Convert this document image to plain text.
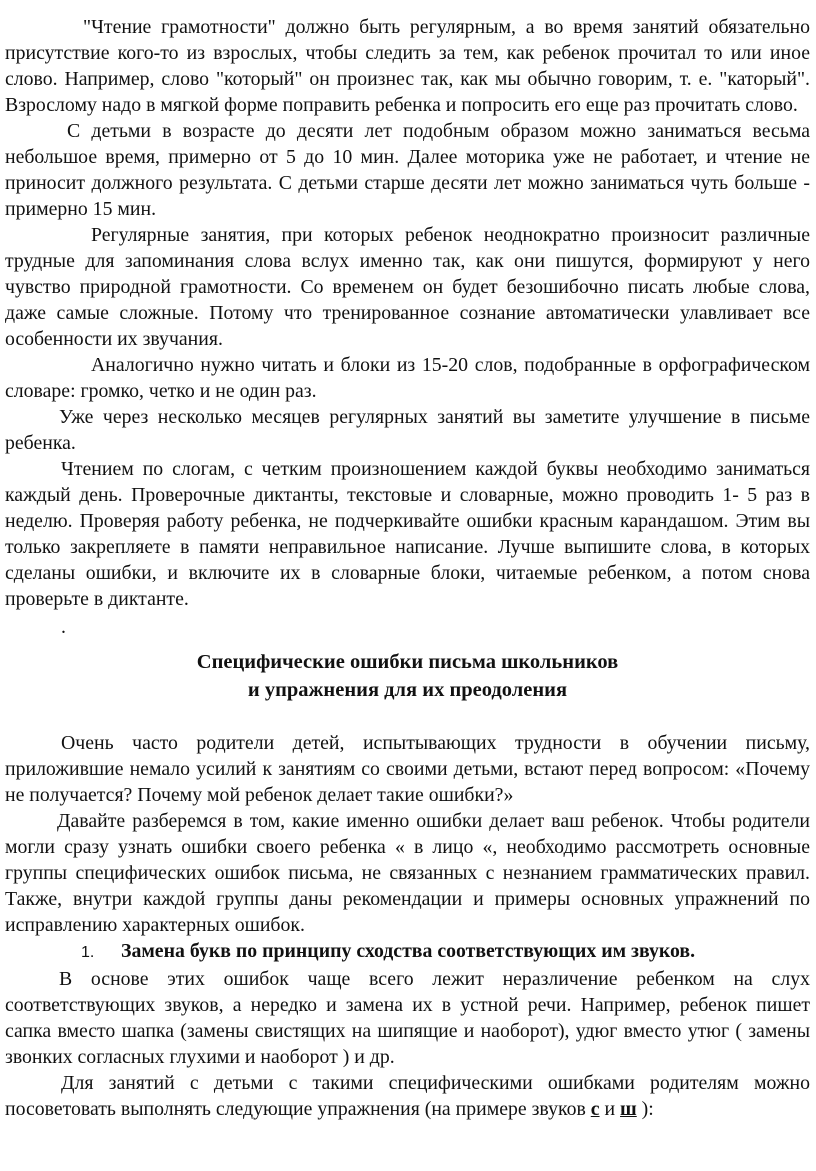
"Чтение грамотности" должно быть регулярным, а во время занятий обязательно присутствие кого-то из взрослых, чтобы следить за тем, как ребенок прочитал то или иное слово. Например, слово "который" он произнес так, как мы обычно говорим, т. е. "каторый". Взрослому надо в мягкой форме поправить ребенка и попросить его еще раз прочитать слово.

С детьми в возрасте до десяти лет подобным образом можно заниматься весьма небольшое время, примерно от 5 до 10 мин. Далее моторика уже не работает, и чтение не приносит должного результата. С детьми старше десяти лет можно заниматься чуть больше - примерно 15 мин.

Регулярные занятия, при которых ребенок неоднократно произносит различные трудные для запоминания слова вслух именно так, как они пишутся, формируют у него чувство природной грамотности. Со временем он будет безошибочно писать любые слова, даже самые сложные. Потому что тренированное сознание автоматически улавливает все особенности их звучания.

Аналогично нужно читать и блоки из 15-20 слов, подобранные в орфографическом словаре: громко, четко и не один раз.

Уже через несколько месяцев регулярных занятий вы заметите улучшение в письме ребенка.

Чтением по слогам, с четким произношением каждой буквы необходимо заниматься каждый день. Проверочные диктанты, текстовые и словарные, можно проводить 1- 5 раз в неделю. Проверяя работу ребенка, не подчеркивайте ошибки красным карандашом. Этим вы только закрепляете в памяти неправильное написание. Лучше выпишите слова, в которых сделаны ошибки, и включите их в словарные блоки, читаемые ребенком, а потом снова проверьте в диктанте.

.

Специфические ошибки письма школьников
и упражнения для их преодоления

Очень часто родители детей, испытывающих трудности в обучении письму, приложившие немало усилий к занятиям со своими детьми, встают перед вопросом: «Почему не получается? Почему мой ребенок делает такие ошибки?»

Давайте разберемся в том, какие именно ошибки делает ваш ребенок. Чтобы родители могли сразу узнать ошибки своего ребенка « в лицо «, необходимо рассмотреть основные группы специфических ошибок письма, не связанных с незнанием грамматических правил. Также, внутри каждой группы даны рекомендации и примеры основных упражнений по исправлению характерных ошибок.

1. Замена букв по принципу сходства соответствующих им звуков.

В основе этих ошибок чаще всего лежит неразличение ребенком на слух соответствующих звуков, а нередко и замена их в устной речи. Например, ребенок пишет сапка вместо шапка (замены свистящих на шипящие и наоборот), удюг вместо утюг ( замены звонких согласных глухими и наоборот ) и др.

Для занятий с детьми с такими специфическими ошибками родителям можно посоветовать выполнять следующие упражнения (на примере звуков с и ш ):
